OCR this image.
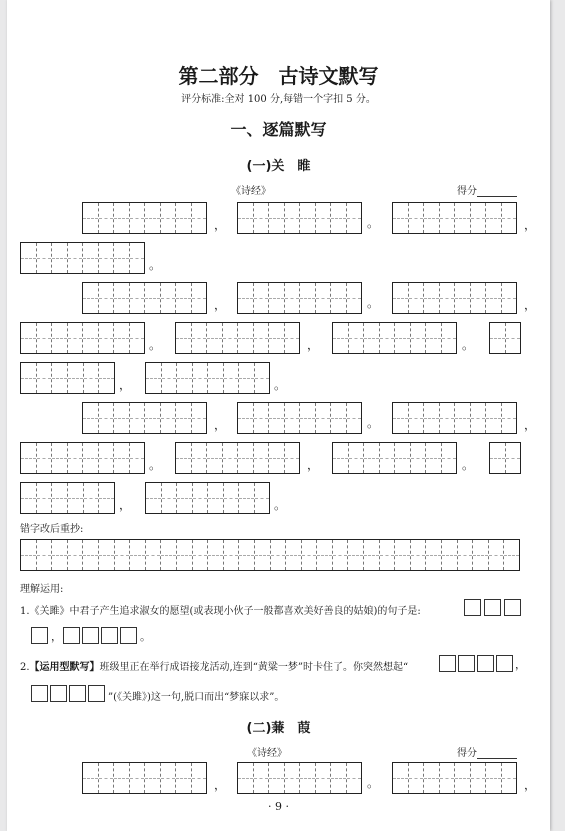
第二部分　古诗文默写
评分标准:全对 100 分,每错一个字扣 5 分。
一、逐篇默写
(一)关　睢
《诗经》	得分
，	。	，
。
，	。	，
。	，	。
，	。
，	。	，
。	，	。
，	。
错字改后重抄:
理解运用:
1.《关雎》中君子产生追求淑女的愿望(或表现小伙子一般都喜欢美好善良的姑娘)的句子是:
，	。
2.【运用型默写】班级里正在举行成语接龙活动,连到“黄粱一梦”时卡住了。你突然想起“	，
”(《关雎》)这一句,脱口而出“梦寐以求”。
(二)蒹　葭
《诗经》	得分
，	。	，
· 9 ·
